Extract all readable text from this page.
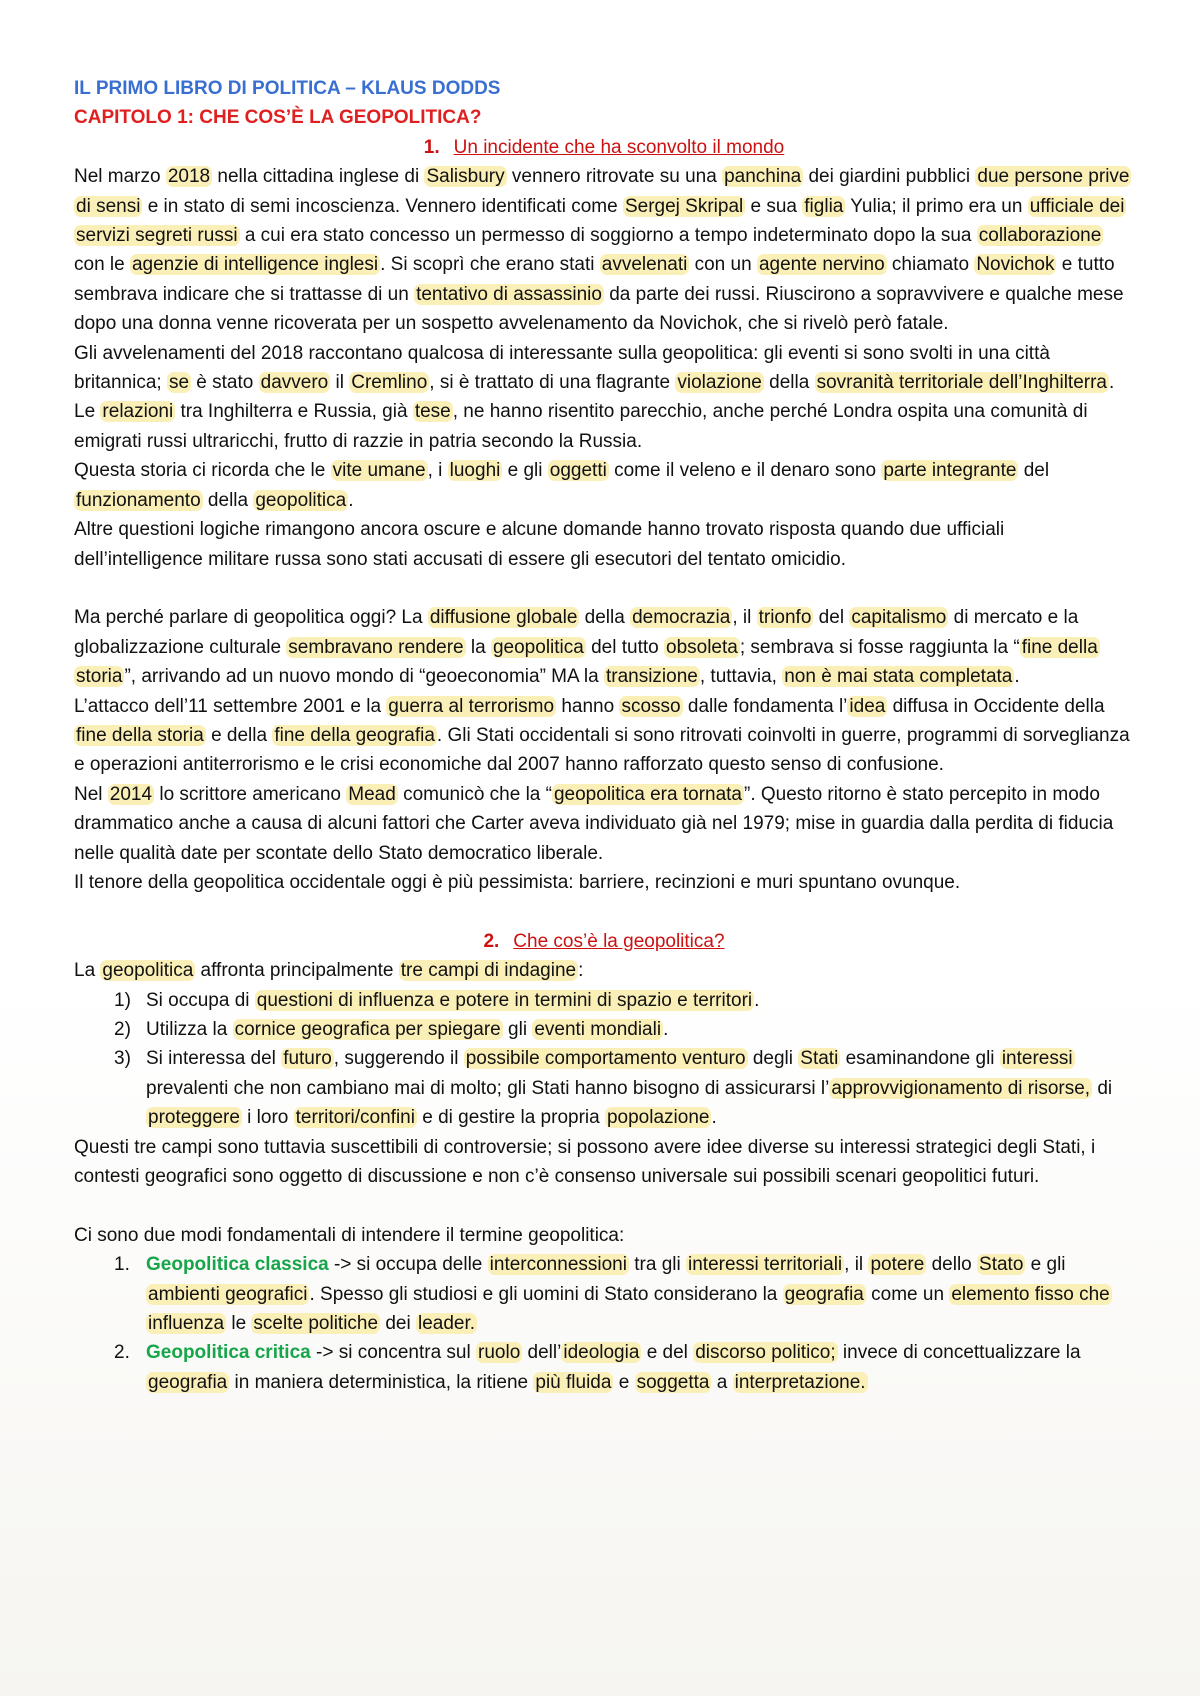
IL PRIMO LIBRO DI POLITICA – KLAUS DODDS
CAPITOLO 1: CHE COS’È LA GEOPOLITICA?
1. Un incidente che ha sconvolto il mondo

Nel marzo 2018 nella cittadina inglese di Salisbury vennero ritrovate su una panchina dei giardini pubblici due persone prive di sensi e in stato di semi incoscienza. Vennero identificati come Sergej Skripal e sua figlia Yulia; il primo era un ufficiale dei servizi segreti russi a cui era stato concesso un permesso di soggiorno a tempo indeterminato dopo la sua collaborazione con le agenzie di intelligence inglesi . Si scoprì che erano stati avvelenati con un agente nervino chiamato Novichok e tutto sembrava indicare che si trattasse di un tentativo di assassinio da parte dei russi. Riuscirono a sopravvivere e qualche mese dopo una donna venne ricoverata per un sospetto avvelenamento da Novichok, che si rivelò però fatale.

Gli avvelenamenti del 2018 raccontano qualcosa di interessante sulla geopolitica: gli eventi si sono svolti in una città britannica; se è stato davvero il Cremlino , si è trattato di una flagrante violazione della sovranità territoriale dell’Inghilterra . Le relazioni tra Inghilterra e Russia, già tese , ne hanno risentito parecchio, anche perché Londra ospita una comunità di emigrati russi ultraricchi, frutto di razzie in patria secondo la Russia.

Questa storia ci ricorda che le vite umane , i luoghi e gli oggetti come il veleno e il denaro sono parte integrante del funzionamento della geopolitica .

Altre questioni logiche rimangono ancora oscure e alcune domande hanno trovato risposta quando due ufficiali dell’intelligence militare russa sono stati accusati di essere gli esecutori del tentato omicidio.

Ma perché parlare di geopolitica oggi? La diffusione globale della democrazia , il trionfo del capitalismo di mercato e la globalizzazione culturale sembravano rendere la geopolitica del tutto obsoleta ; sembrava si fosse raggiunta la “ fine della storia ”, arrivando ad un nuovo mondo di “geoeconomia” MA la transizione , tuttavia, non è mai stata completata .

L’attacco dell’11 settembre 2001 e la guerra al terrorismo hanno scosso dalle fondamenta l’ idea diffusa in Occidente della fine della storia e della fine della geografia . Gli Stati occidentali si sono ritrovati coinvolti in guerre, programmi di sorveglianza e operazioni antiterrorismo e le crisi economiche dal 2007 hanno rafforzato questo senso di confusione.

Nel 2014 lo scrittore americano Mead comunicò che la “ geopolitica era tornata ”. Questo ritorno è stato percepito in modo drammatico anche a causa di alcuni fattori che Carter aveva individuato già nel 1979; mise in guardia dalla perdita di fiducia nelle qualità date per scontate dello Stato democratico liberale.

Il tenore della geopolitica occidentale oggi è più pessimista: barriere, recinzioni e muri spuntano ovunque.

2. Che cos’è la geopolitica?

La geopolitica affronta principalmente tre campi di indagine :

1) Si occupa di questioni di influenza e potere in termini di spazio e territori .
2) Utilizza la cornice geografica per spiegare gli eventi mondiali .
3) Si interessa del futuro , suggerendo il possibile comportamento venturo degli Stati esaminandone gli interessi prevalenti che non cambiano mai di molto; gli Stati hanno bisogno di assicurarsi l’ approvvigionamento di risorse, di proteggere i loro territori/confini e di gestire la propria popolazione .

Questi tre campi sono tuttavia suscettibili di controversie; si possono avere idee diverse su interessi strategici degli Stati, i contesti geografici sono oggetto di discussione e non c’è consenso universale sui possibili scenari geopolitici futuri.

Ci sono due modi fondamentali di intendere il termine geopolitica:

1. Geopolitica classica -> si occupa delle interconnessioni tra gli interessi territoriali , il potere dello Stato e gli ambienti geografici . Spesso gli studiosi e gli uomini di Stato considerano la geografia come un elemento fisso che influenza le scelte politiche dei leader.
2. Geopolitica critica -> si concentra sul ruolo dell’ ideologia e del discorso politico; invece di concettualizzare la geografia in maniera deterministica, la ritiene più fluida e soggetta a interpretazione.
